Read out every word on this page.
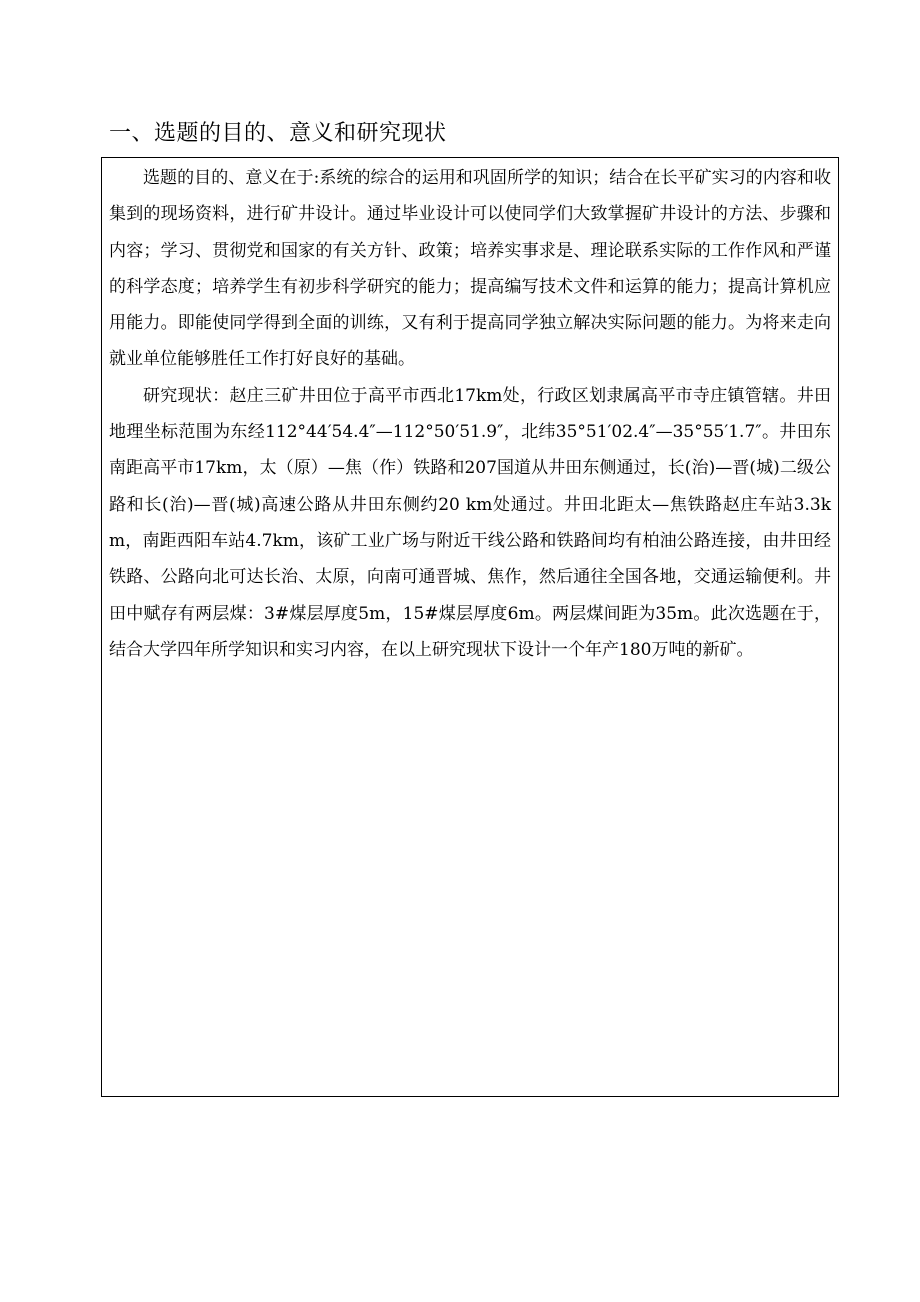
一、选题的目的、意义和研究现状

选题的目的、意义在于:系统的综合的运用和巩固所学的知识；结合在长平矿实习的内容和收集到的现场资料，进行矿井设计。通过毕业设计可以使同学们大致掌握矿井设计的方法、步骤和内容；学习、贯彻党和国家的有关方针、政策；培养实事求是、理论联系实际的工作作风和严谨的科学态度；培养学生有初步科学研究的能力；提高编写技术文件和运算的能力；提高计算机应用能力。即能使同学得到全面的训练，又有利于提高同学独立解决实际问题的能力。为将来走向就业单位能够胜任工作打好良好的基础。

研究现状：赵庄三矿井田位于高平市西北17km处，行政区划隶属高平市寺庄镇管辖。井田地理坐标范围为东经112°44′54.4″—112°50′51.9″，北纬35°51′02.4″—35°55′1.7″。井田东南距高平市17km，太（原）—焦（作）铁路和207国道从井田东侧通过，长(治)—晋(城)二级公路和长(治)—晋(城)高速公路从井田东侧约20 km处通过。井田北距太—焦铁路赵庄车站3.3km，南距西阳车站4.7km，该矿工业广场与附近干线公路和铁路间均有柏油公路连接，由井田经铁路、公路向北可达长治、太原，向南可通晋城、焦作，然后通往全国各地，交通运输便利。井田中赋存有两层煤：3#煤层厚度5m，15#煤层厚度6m。两层煤间距为35m。此次选题在于，结合大学四年所学知识和实习内容，在以上研究现状下设计一个年产180万吨的新矿。
